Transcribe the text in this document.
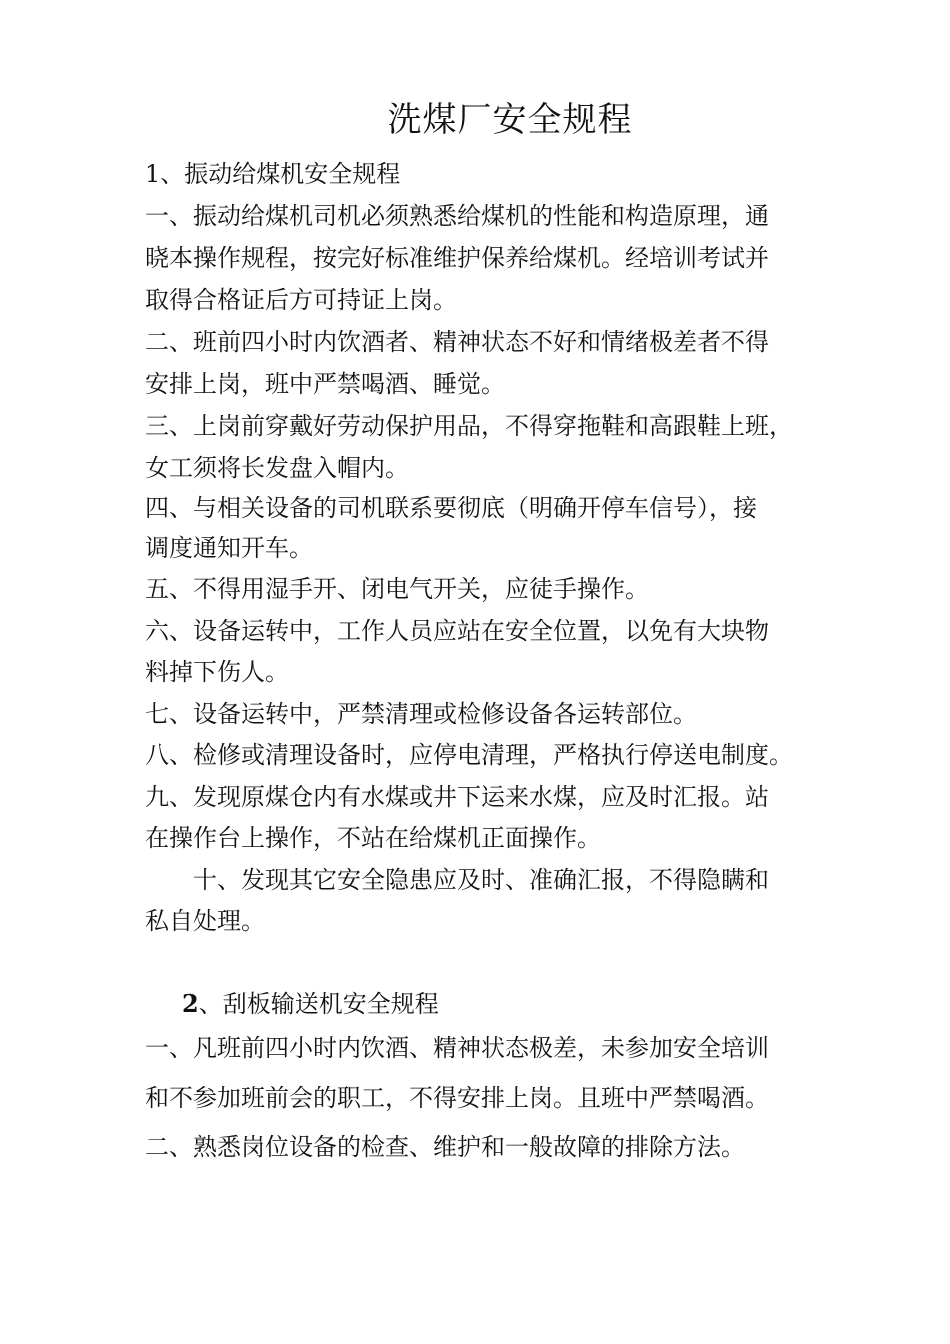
洗煤厂安全规程
1、振动给煤机安全规程
一、振动给煤机司机必须熟悉给煤机的性能和构造原理，通
晓本操作规程，按完好标准维护保养给煤机。经培训考试并
取得合格证后方可持证上岗。
二、班前四小时内饮酒者、精神状态不好和情绪极差者不得
安排上岗，班中严禁喝酒、睡觉。
三、上岗前穿戴好劳动保护用品，不得穿拖鞋和高跟鞋上班，
女工须将长发盘入帽内。
四、与相关设备的司机联系要彻底（明确开停车信号），接
调度通知开车。
五、不得用湿手开、闭电气开关，应徒手操作。
六、设备运转中，工作人员应站在安全位置，以免有大块物
料掉下伤人。
七、设备运转中，严禁清理或检修设备各运转部位。
八、检修或清理设备时，应停电清理，严格执行停送电制度。
九、发现原煤仓内有水煤或井下运来水煤，应及时汇报。站
在操作台上操作，不站在给煤机正面操作。
十、发现其它安全隐患应及时、准确汇报，不得隐瞒和
私自处理。
2、刮板输送机安全规程
一、凡班前四小时内饮酒、精神状态极差，未参加安全培训
和不参加班前会的职工，不得安排上岗。且班中严禁喝酒。
二、熟悉岗位设备的检查、维护和一般故障的排除方法。
